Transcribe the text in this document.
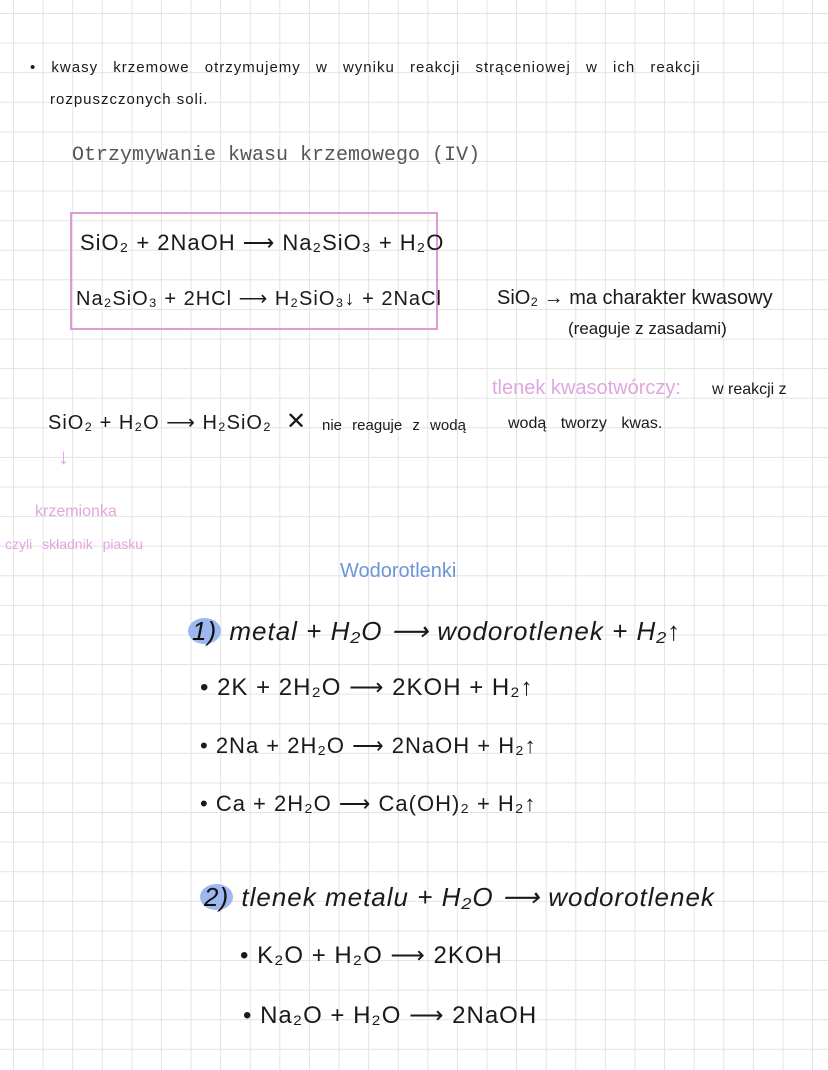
• kwasy krzemowe otrzymujemy w wyniku reakcji strąceniowej w ich reakcji
rozpuszczonych soli.
Otrzymywanie kwasu krzemowego (IV)
SiO₂ + 2NaOH ⟶ Na₂SiO₃ + H₂O
Na₂SiO₃ + 2HCl ⟶ H₂SiO₃↓ + 2NaCl	SiO₂ → ma charakter kwasowy
(reaguje z zasadami)
tlenek kwasotwórczy: w reakcji z
wodą tworzy kwas.
SiO₂ + H₂O ⟶ H₂SiO₂ ✕ nie reaguje z wodą
↓
krzemionka
czyli składnik piasku
Wodorotlenki
1) metal + H₂O ⟶ wodorotlenek + H₂↑
• 2K + 2H₂O ⟶ 2KOH + H₂↑
• 2Na + 2H₂O ⟶ 2NaOH + H₂↑
• Ca + 2H₂O ⟶ Ca(OH)₂ + H₂↑
2) tlenek metalu + H₂O ⟶ wodorotlenek
• K₂O + H₂O ⟶ 2KOH
• Na₂O + H₂O ⟶ 2NaOH
